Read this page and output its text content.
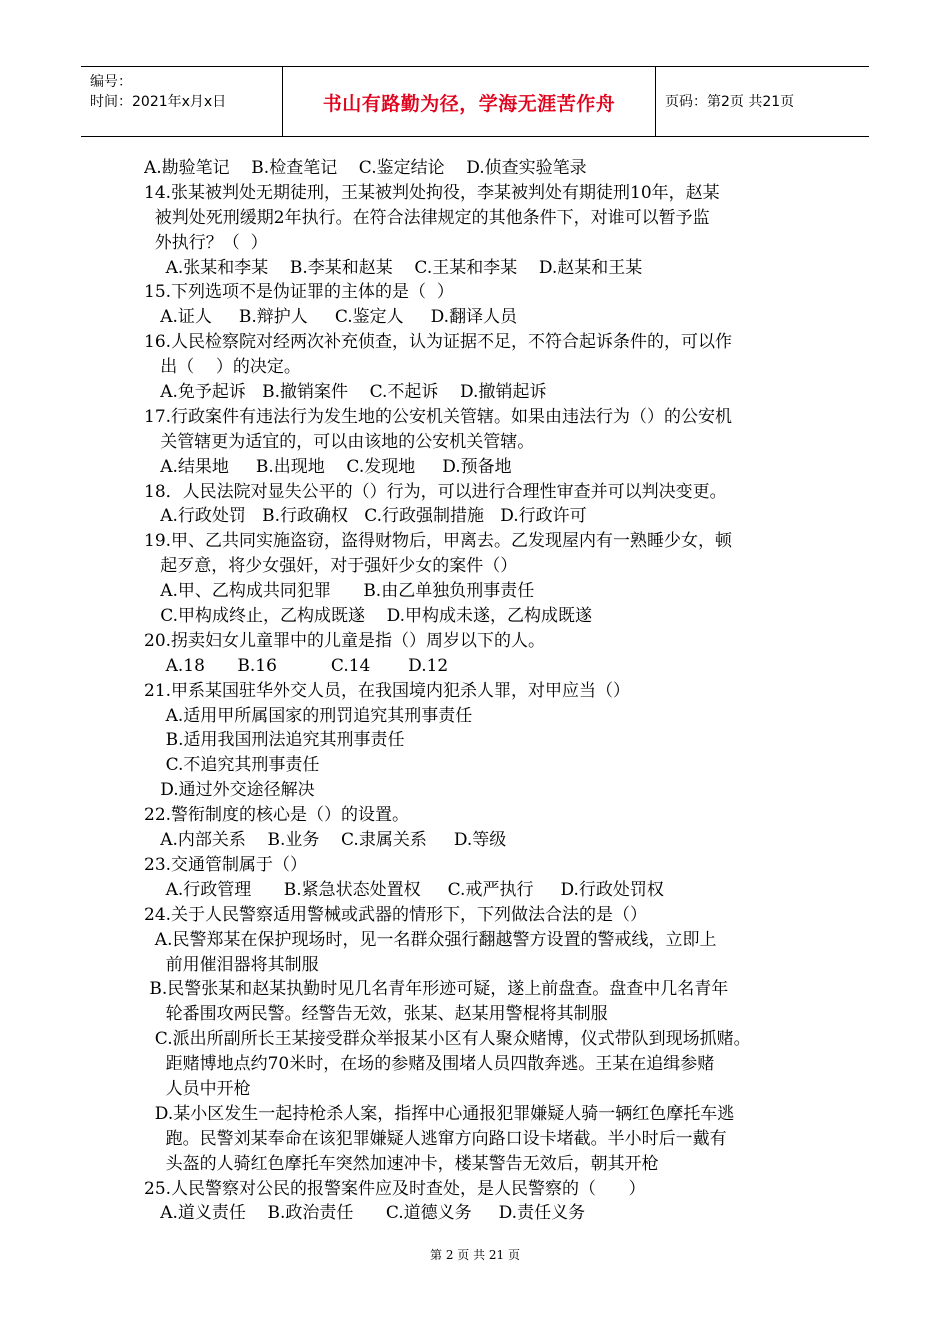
编号：
时间：2021年x月x日	书山有路勤为径，学海无涯苦作舟	页码：第2页 共21页
A.勘验笔记    B.检查笔记    C.鉴定结论    D.侦查实验笔录
14.张某被判处无期徒刑，王某被判处拘役，李某被判处有期徒刑10年，赵某
被判处死刑缓期2年执行。在符合法律规定的其他条件下，对谁可以暂予监
外执行？（  ）
A.张某和李某    B.李某和赵某    C.王某和李某    D.赵某和王某
15.下列选项不是伪证罪的主体的是（  ）
A.证人     B.辩护人     C.鉴定人     D.翻译人员
16.人民检察院对经两次补充侦查，认为证据不足，不符合起诉条件的，可以作
出（    ）的决定。
A.免予起诉   B.撤销案件    C.不起诉    D.撤销起诉
17.行政案件有违法行为发生地的公安机关管辖。如果由违法行为（）的公安机
关管辖更为适宜的，可以由该地的公安机关管辖。
A.结果地     B.出现地    C.发现地     D.预备地
18．人民法院对显失公平的（）行为，可以进行合理性审查并可以判决变更。
A.行政处罚   B.行政确权   C.行政强制措施   D.行政许可
19.甲、乙共同实施盗窃，盗得财物后，甲离去。乙发现屋内有一熟睡少女，顿
起歹意，将少女强奸，对于强奸少女的案件（）
A.甲、乙构成共同犯罪      B.由乙单独负刑事责任
C.甲构成终止，乙构成既遂    D.甲构成未遂，乙构成既遂
20.拐卖妇女儿童罪中的儿童是指（）周岁以下的人。
A.18      B.16          C.14       D.12
21.甲系某国驻华外交人员，在我国境内犯杀人罪，对甲应当（）
A.适用甲所属国家的刑罚追究其刑事责任
B.适用我国刑法追究其刑事责任
C.不追究其刑事责任
D.通过外交途径解决
22.警衔制度的核心是（）的设置。
A.内部关系    B.业务    C.隶属关系     D.等级
23.交通管制属于（）
A.行政管理      B.紧急状态处置权     C.戒严执行     D.行政处罚权
24.关于人民警察适用警械或武器的情形下，下列做法合法的是（）
A.民警郑某在保护现场时，见一名群众强行翻越警方设置的警戒线，立即上
前用催泪器将其制服
B.民警张某和赵某执勤时见几名青年形迹可疑，遂上前盘查。盘查中几名青年
轮番围攻两民警。经警告无效，张某、赵某用警棍将其制服
C.派出所副所长王某接受群众举报某小区有人聚众赌博，仪式带队到现场抓赌。
距赌博地点约70米时，在场的参赌及围堵人员四散奔逃。王某在追缉参赌
人员中开枪
D.某小区发生一起持枪杀人案，指挥中心通报犯罪嫌疑人骑一辆红色摩托车逃
跑。民警刘某奉命在该犯罪嫌疑人逃窜方向路口设卡堵截。半小时后一戴有
头盔的人骑红色摩托车突然加速冲卡，楼某警告无效后，朝其开枪
25.人民警察对公民的报警案件应及时查处，是人民警察的（      ）
A.道义责任    B.政治责任      C.道德义务     D.责任义务
第 2 页 共 21 页
